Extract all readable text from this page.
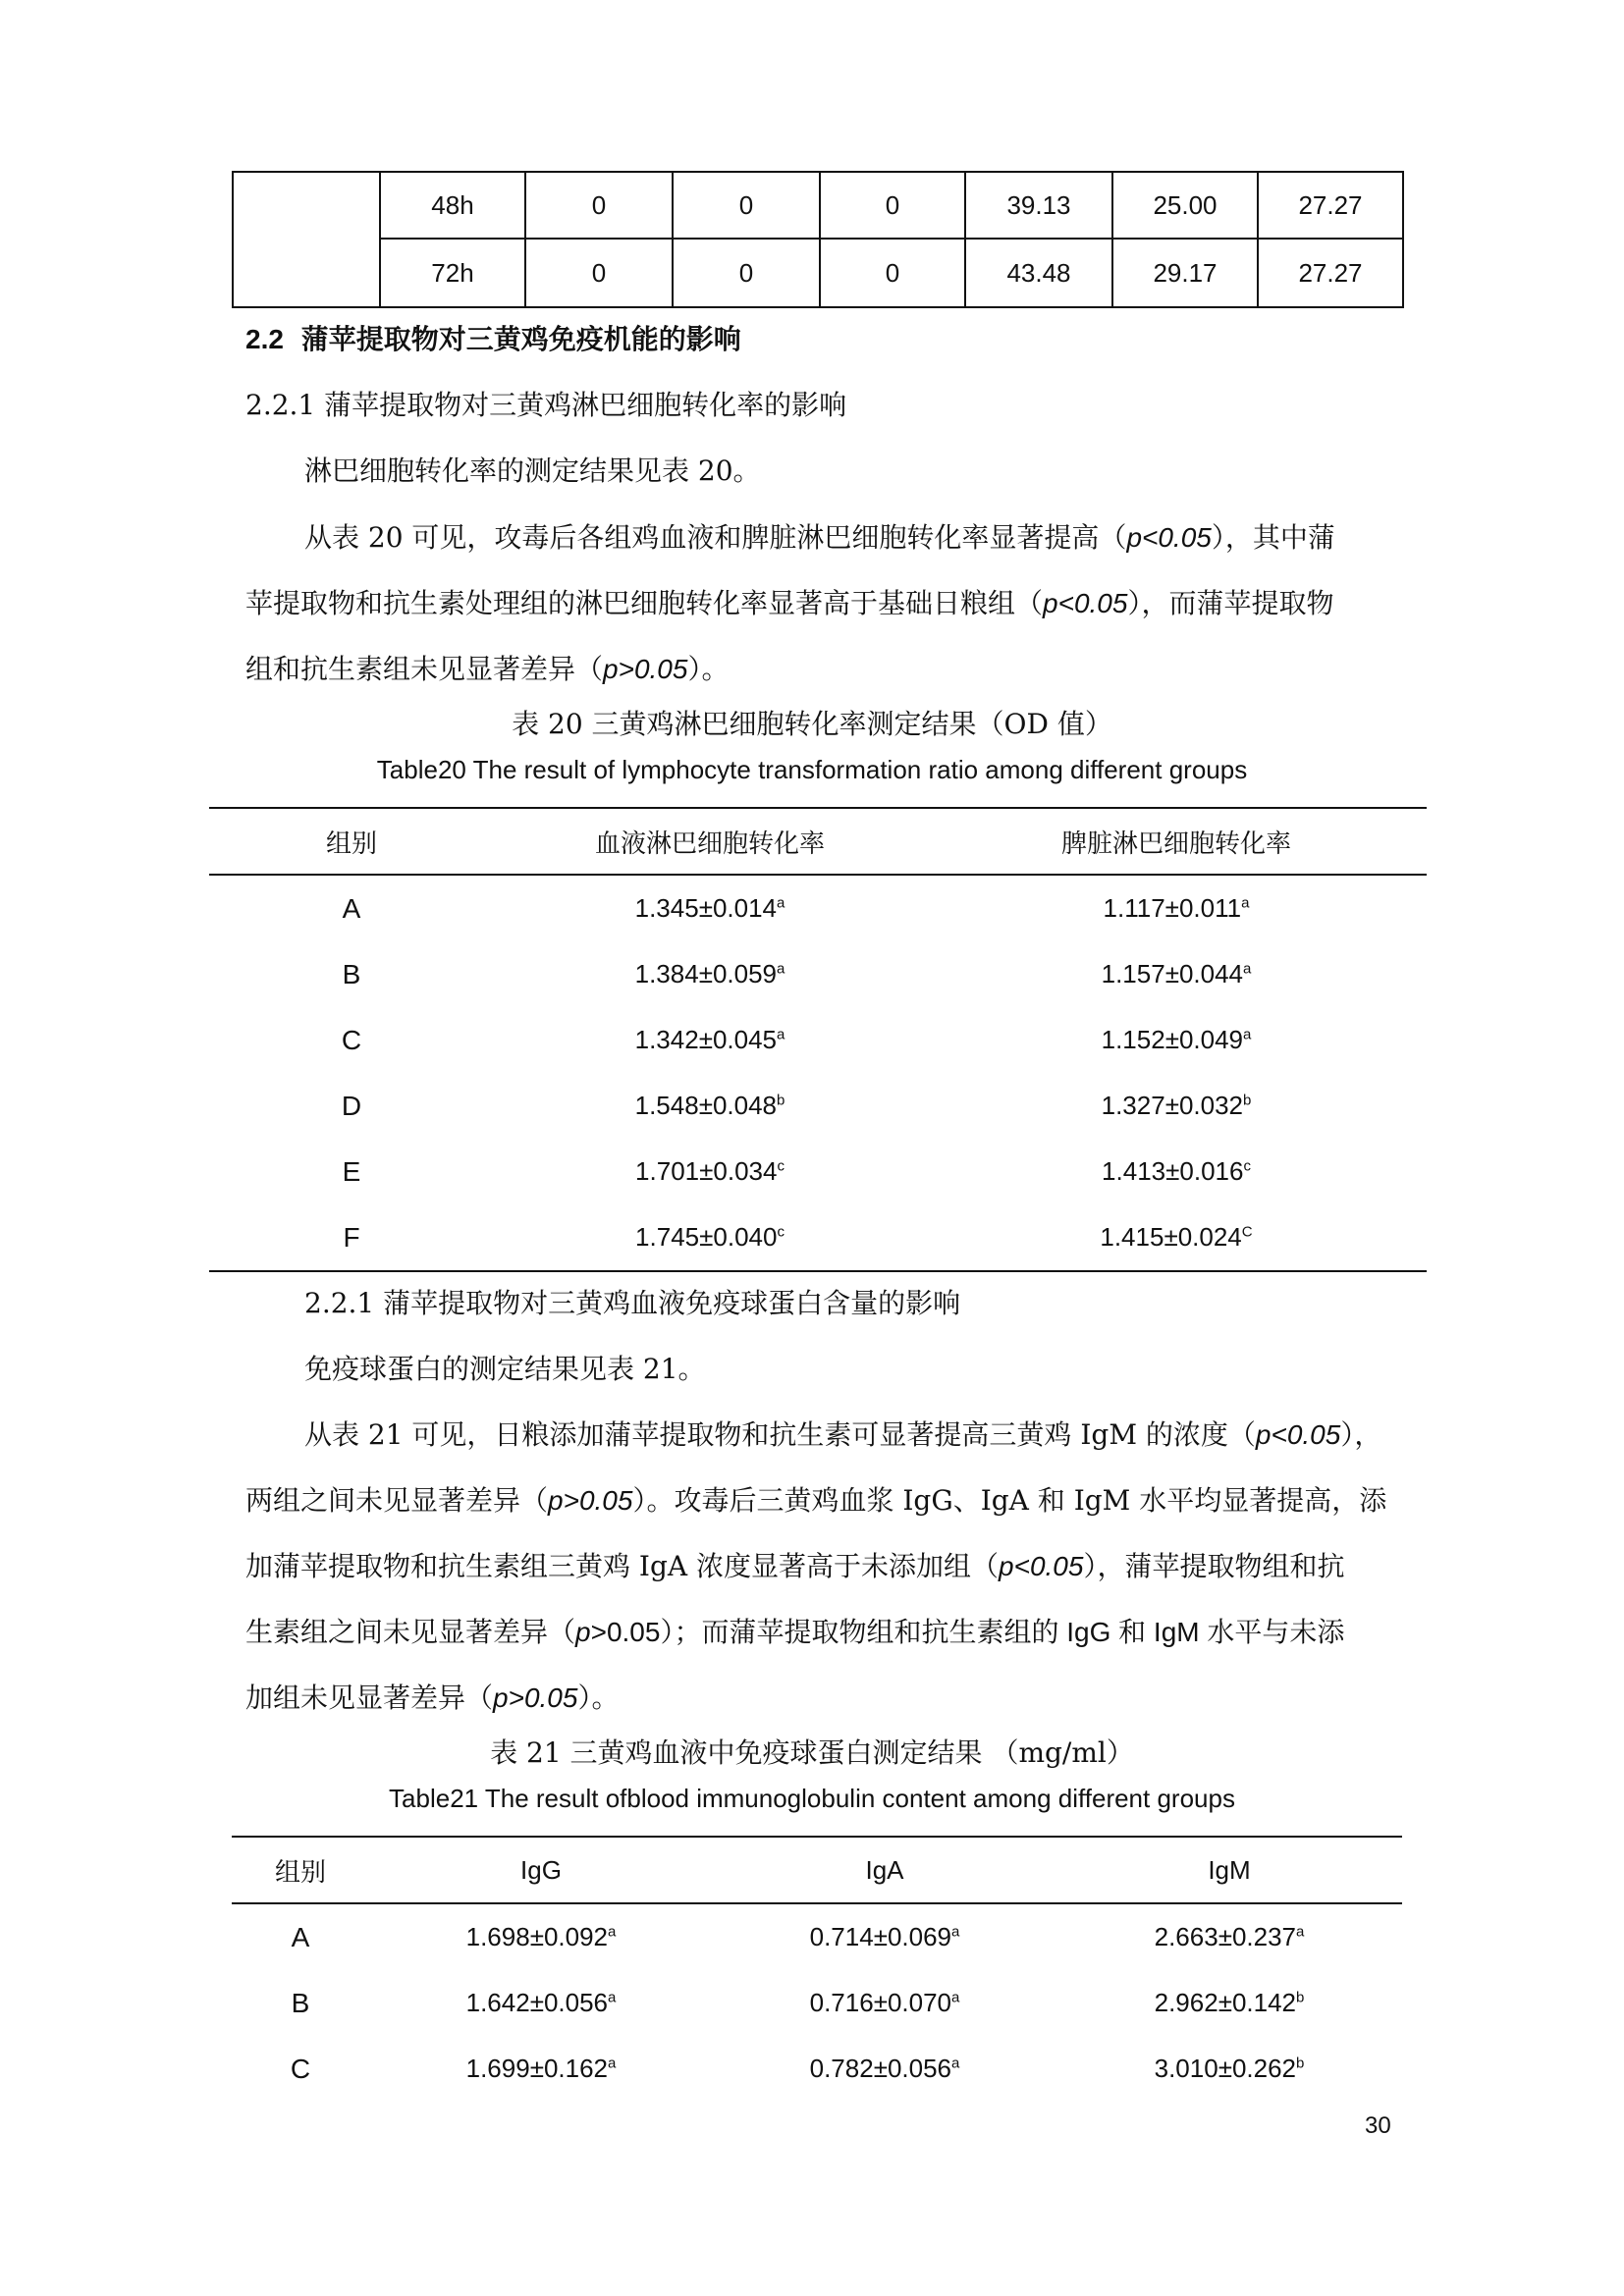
	48h	0	0	0	39.13	25.00	27.27
	72h	0	0	0	43.48	29.17	27.27
2.2 蒲苹提取物对三黄鸡免疫机能的影响
2.2.1 蒲苹提取物对三黄鸡淋巴细胞转化率的影响
淋巴细胞转化率的测定结果见表 20。
从表 20 可见，攻毒后各组鸡血液和脾脏淋巴细胞转化率显著提高（p<0.05），其中蒲
苹提取物和抗生素处理组的淋巴细胞转化率显著高于基础日粮组（p<0.05），而蒲苹提取物
组和抗生素组未见显著差异（p>0.05）。
表 20 三黄鸡淋巴细胞转化率测定结果（OD 值）
Table20 The result of lymphocyte transformation ratio among different groups
组别	血液淋巴细胞转化率	脾脏淋巴细胞转化率
A	1.345±0.014$^a$	1.117±0.011$^a$
B	1.384±0.059$^a$	1.157±0.044$^a$
C	1.342±0.045$^a$	1.152±0.049$^a$
D	1.548±0.048$^b$	1.327±0.032$^b$
E	1.701±0.034$^c$	1.413±0.016$^c$
F	1.745±0.040$^c$	$1.415\pm 0.024^C$
2.2.1 蒲苹提取物对三黄鸡血液免疫球蛋白含量的影响
免疫球蛋白的测定结果见表 21。
从表 21 可见，日粮添加蒲苹提取物和抗生素可显著提高三黄鸡 IgM 的浓度（p<0.05），
两组之间未见显著差异（p>0.05）。攻毒后三黄鸡血浆 IgG、IgA 和 IgM 水平均显著提高，添
加蒲苹提取物和抗生素组三黄鸡 IgA 浓度显著高于未添加组（p<0.05），蒲苹提取物组和抗
生素组之间未见显著差异（p>0.05）；而蒲苹提取物组和抗生素组的 IgG 和 IgM 水平与未添
加组未见显著差异（p>0.05）。
表 21 三黄鸡血液中免疫球蛋白测定结果 （mg/ml）
Table21 The result ofblood immunoglobulin content among different groups
组别	IgG	IgA	IgM
A	1.698±0.092$^a$	0.714±0.069$^a$	2.663±0.237$^a$
B	1.642±0.056$^a$	0.716±0.070$^a$	2.962±0.142$^b$
C	1.699±0.162$^a$	0.782±0.056$^a$	3.010±0.262$^b$
30
